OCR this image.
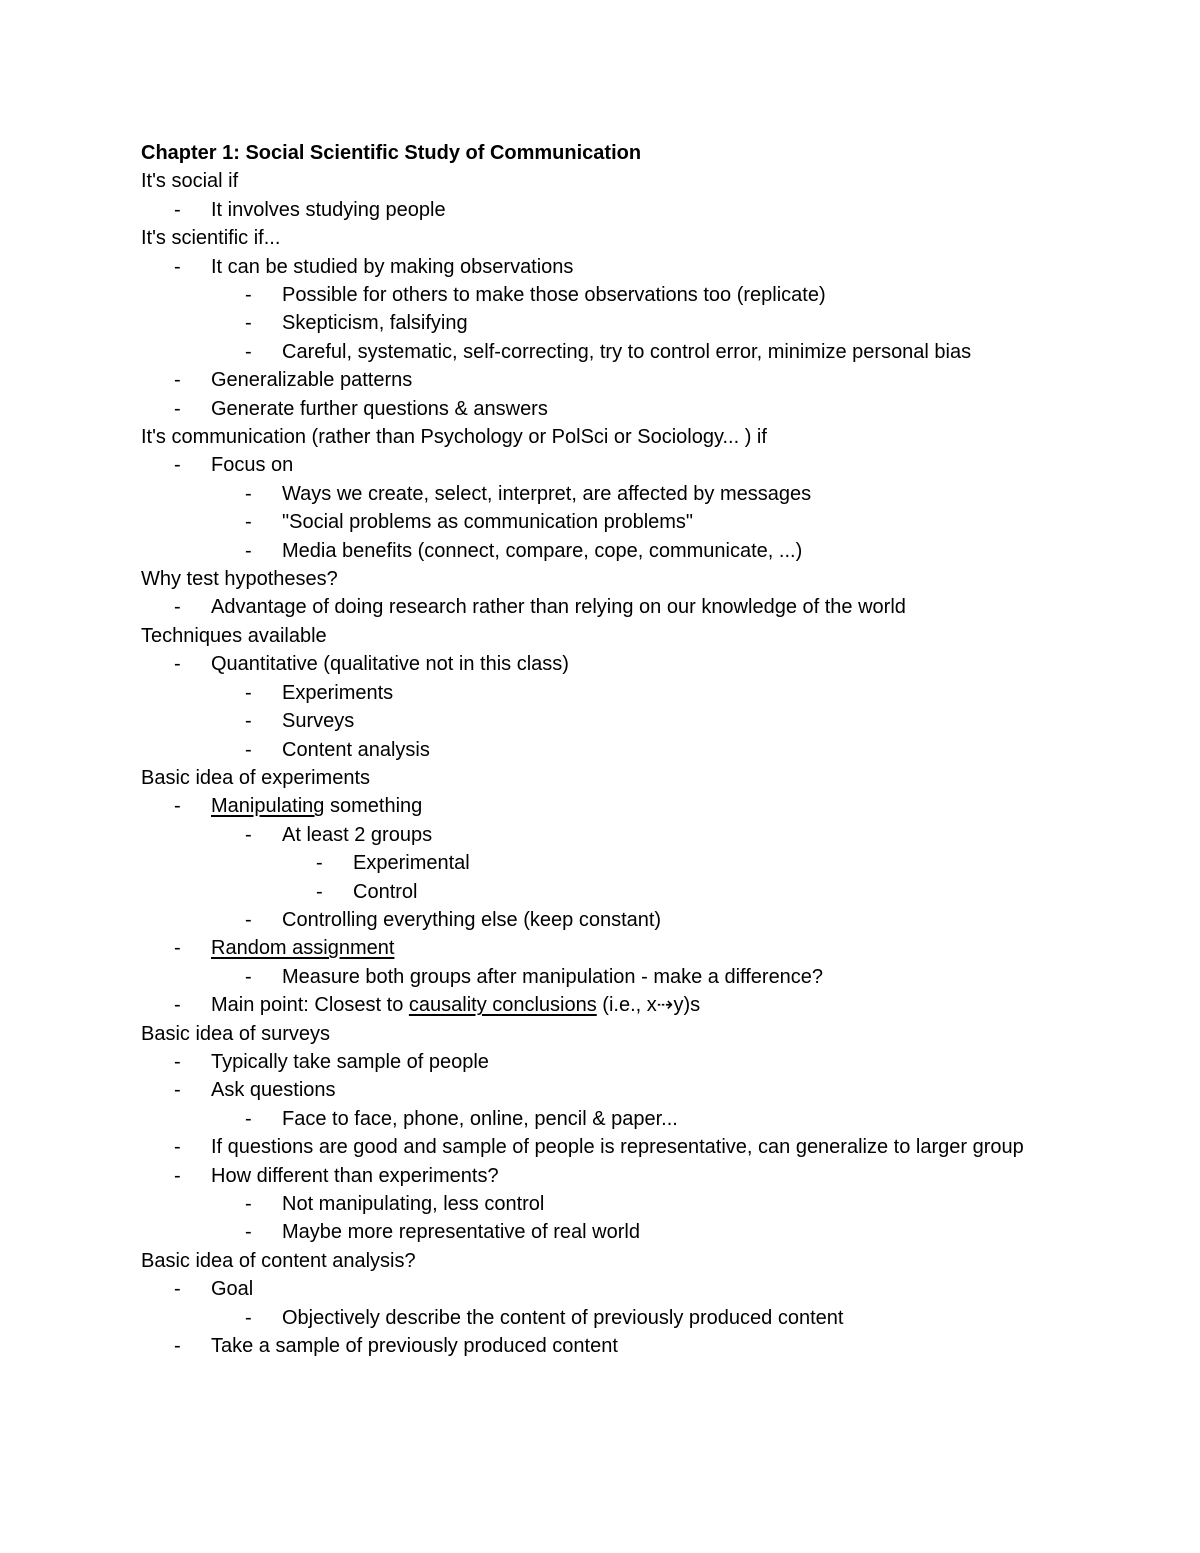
Chapter 1: Social Scientific Study of Communication
It's social if
- It involves studying people
It's scientific if...
- It can be studied by making observations
- Possible for others to make those observations too (replicate)
- Skepticism, falsifying
- Careful, systematic, self-correcting, try to control error, minimize personal bias
- Generalizable patterns
- Generate further questions & answers
It's communication (rather than Psychology or PolSci or Sociology... ) if
- Focus on
- Ways we create, select, interpret, are affected by messages
- "Social problems as communication problems"
- Media benefits (connect, compare, cope, communicate, ...)
Why test hypotheses?
- Advantage of doing research rather than relying on our knowledge of the world
Techniques available
- Quantitative (qualitative not in this class)
- Experiments
- Surveys
- Content analysis
Basic idea of experiments
- Manipulating something
- At least 2 groups
- Experimental
- Control
- Controlling everything else (keep constant)
- Random assignment
- Measure both groups after manipulation - make a difference?
- Main point: Closest to causality conclusions (i.e., x⇢y)s
Basic idea of surveys
- Typically take sample of people
- Ask questions
- Face to face, phone, online, pencil & paper...
- If questions are good and sample of people is representative, can generalize to larger group
- How different than experiments?
- Not manipulating, less control
- Maybe more representative of real world
Basic idea of content analysis?
- Goal
- Objectively describe the content of previously produced content
- Take a sample of previously produced content
